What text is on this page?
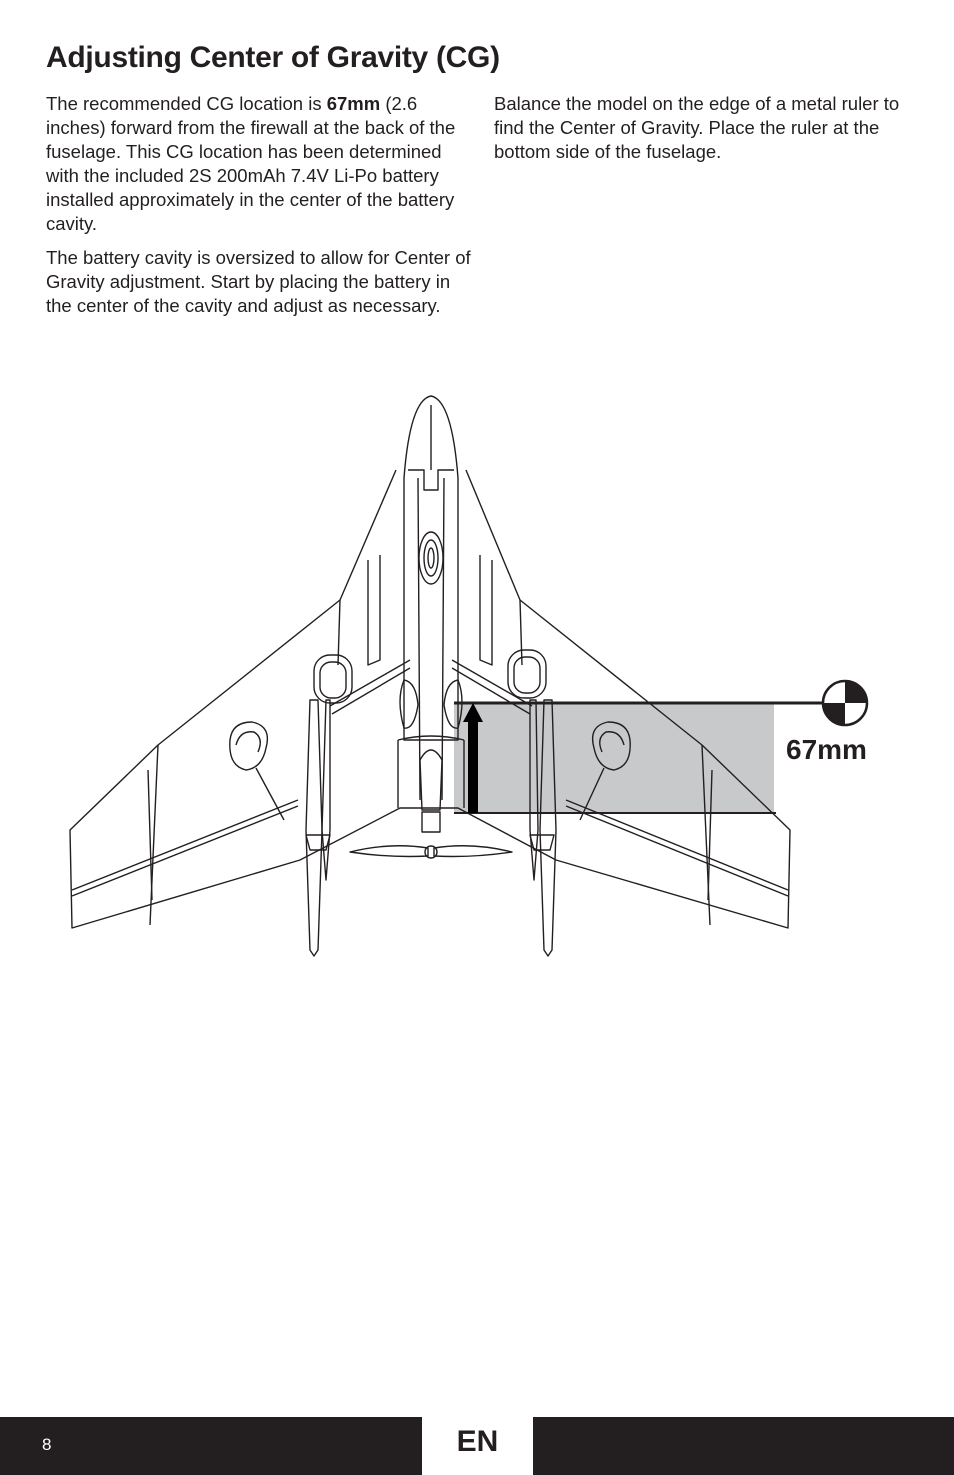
Adjusting Center of Gravity (CG)

The recommended CG location is 67mm (2.6 inches) forward from the firewall at the back of the fuselage. This CG location has been determined with the included 2S 200mAh 7.4V Li-Po battery installed approximately in the center of the battery cavity.

The battery cavity is oversized to allow for Center of Gravity adjustment. Start by placing the battery in the center of the cavity and adjust as necessary.

Balance the model on the edge of a metal ruler to find the Center of Gravity. Place the ruler at the bottom side of the fuselage.

67mm
8	EN
